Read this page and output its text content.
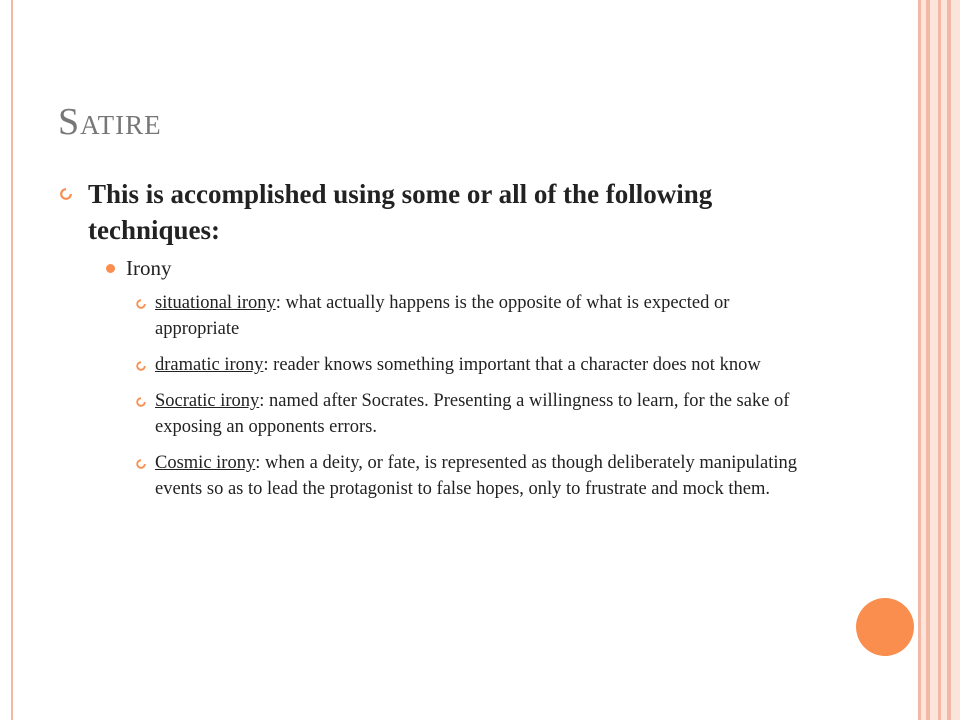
Satire
This is accomplished using some or all of the following techniques:
Irony
situational irony: what actually happens is the opposite of what is expected or appropriate
dramatic irony: reader knows something important that a character does not know
Socratic irony: named after Socrates. Presenting a willingness to learn, for the sake of exposing an opponents errors.
Cosmic irony: when a deity, or fate, is represented as though deliberately manipulating events so as to lead the protagonist to false hopes, only to frustrate and mock them.
